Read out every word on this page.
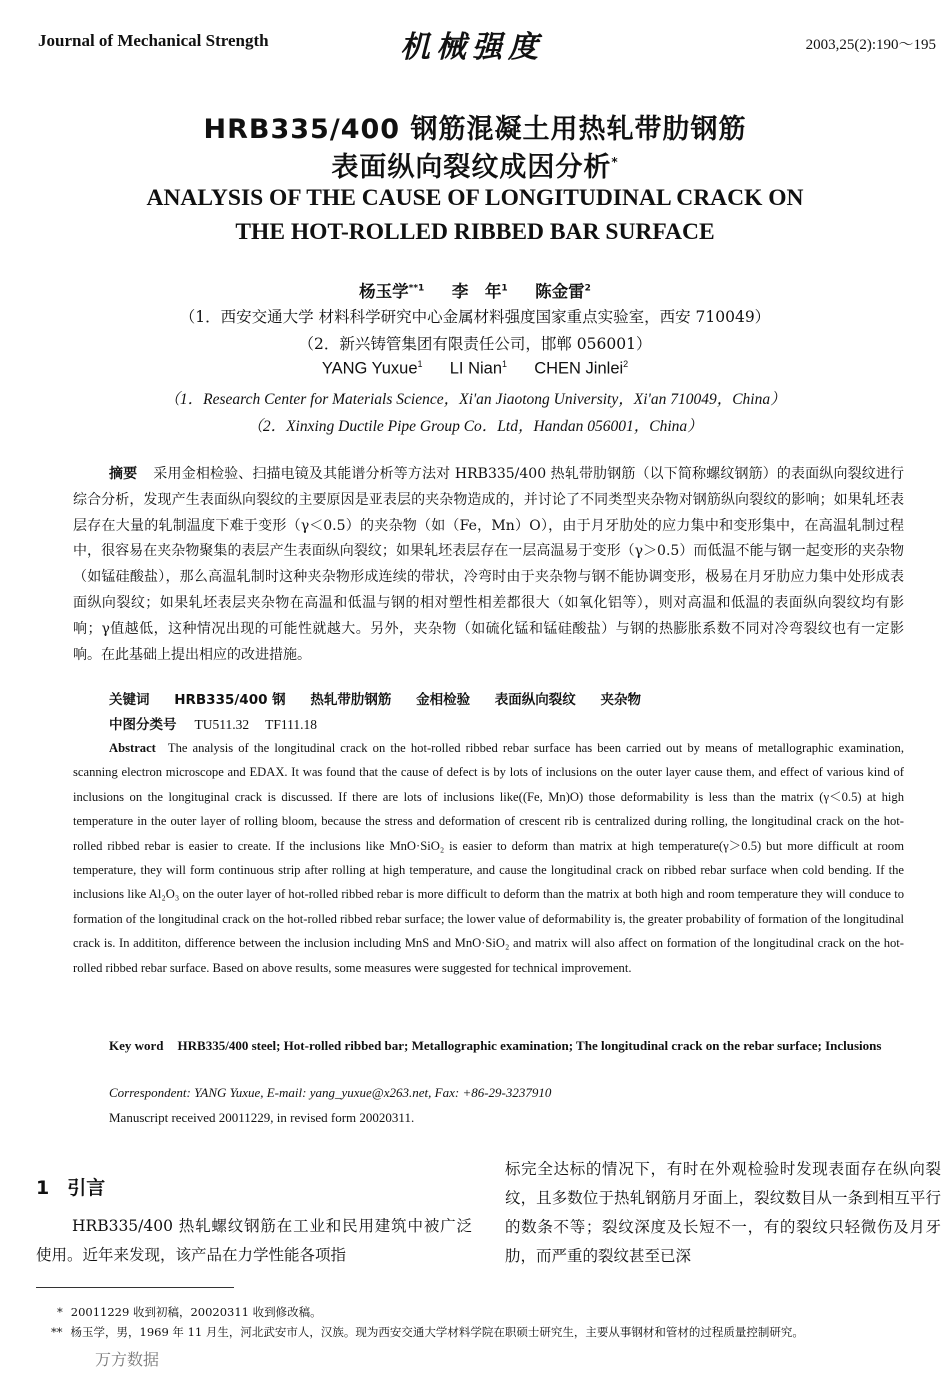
Journal of Mechanical Strength	机械强度	2003,25(2):190～195
HRB335/400 钢筋混凝土用热轧带肋钢筋
表面纵向裂纹成因分析*
ANALYSIS OF THE CAUSE OF LONGITUDINAL CRACK ON
THE HOT-ROLLED RIBBED BAR SURFACE
杨玉学$^{**1}$ 李　年$^1$ 陈金雷$^2$
（1．西安交通大学 材料科学研究中心金属材料强度国家重点实验室，西安 710049）
（2．新兴铸管集团有限责任公司，邯郸 056001）
YANG Yuxue$^1$ LI Nian$^1$ CHEN Jinlei$^2$
（1．Research Center for Materials Science，Xi'an Jiaotong University，Xi'an 710049，China）
（2．Xinxing Ductile Pipe Group Co．Ltd，Handan 056001，China）
摘要 采用金相检验、扫描电镜及其能谱分析等方法对 HRB335/400 热轧带肋钢筋（以下简称螺纹钢筋）的表面纵向裂纹进行综合分析，发现产生表面纵向裂纹的主要原因是亚表层的夹杂物造成的，并讨论了不同类型夹杂物对钢筋纵向裂纹的影响；如果轧坯表层存在大量的轧制温度下难于变形（γ＜0.5）的夹杂物（如（Fe，Mn）O），由于月牙肋处的应力集中和变形集中，在高温轧制过程中，很容易在夹杂物聚集的表层产生表面纵向裂纹；如果轧坯表层存在一层高温易于变形（γ＞0.5）而低温不能与钢一起变形的夹杂物（如锰硅酸盐），那么高温轧制时这种夹杂物形成连续的带状，冷弯时由于夹杂物与钢不能协调变形，极易在月牙肋应力集中处形成表面纵向裂纹；如果轧坯表层夹杂物在高温和低温与钢的相对塑性相差都很大（如氧化铝等），则对高温和低温的表面纵向裂纹均有影响；γ值越低，这种情况出现的可能性就越大。另外，夹杂物（如硫化锰和锰硅酸盐）与钢的热膨胀系数不同对冷弯裂纹也有一定影响。在此基础上提出相应的改进措施。
关键词 HRB335/400 钢 热轧带肋钢筋 金相检验 表面纵向裂纹 夹杂物
中图分类号 TU511.32 TF111.18
Abstract The analysis of the longitudinal crack on the hot-rolled ribbed rebar surface has been carried out by means of metallographic examination, scanning electron microscope and EDAX. It was found that the cause of defect is by lots of inclusions on the outer layer cause them, and effect of various kind of inclusions on the longituginal crack is discussed. If there are lots of inclusions like((Fe, Mn)O) those deformability is less than the matrix (γ＜0.5) at high temperature in the outer layer of rolling bloom, because the stress and deformation of crescent rib is centralized during rolling, the longitudinal crack on the hot-rolled ribbed rebar is easier to create. If the inclusions like MnO·SiO₂ is easier to deform than matrix at high temperature(γ＞0.5) but more difficult at room temperature, they will form continuous strip after rolling at high temperature, and cause the longitudinal crack on ribbed rebar surface when cold bending. If the inclusions like Al₂O₃ on the outer layer of hot-rolled ribbed rebar is more difficult to deform than the matrix at both high and room temperature they will conduce to formation of the longitudinal crack on the hot-rolled ribbed rebar surface; the lower value of deformability is, the greater probability of formation of the longitudinal crack is. In addititon, difference between the inclusion including MnS and MnO·SiO₂ and matrix will also affect on formation of the longitudinal crack on the hot-rolled ribbed rebar surface. Based on above results, some measures were suggested for technical improvement.
Key word HRB335/400 steel; Hot-rolled ribbed bar; Metallographic examination; The longitudinal crack on the rebar surface; Inclusions
Correspondent: YANG Yuxue, E-mail: yang_yuxue@x263.net, Fax: +86-29-3237910
Manuscript received 20011229, in revised form 20020311.
1 引言
HRB335/400 热轧螺纹钢筋在工业和民用建筑中被广泛使用。近年来发现，该产品在力学性能各项指
标完全达标的情况下，有时在外观检验时发现表面存在纵向裂纹，且多数位于热轧钢筋月牙面上，裂纹数目从一条到相互平行的数条不等；裂纹深度及长短不一，有的裂纹只轻微伤及月牙肋，而严重的裂纹甚至已深
* 20011229 收到初稿，20020311 收到修改稿。
** 杨玉学，男，1969 年 11 月生，河北武安市人，汉族。现为西安交通大学材料学院在职硕士研究生，主要从事钢材和管材的过程质量控制研究。
万方数据
